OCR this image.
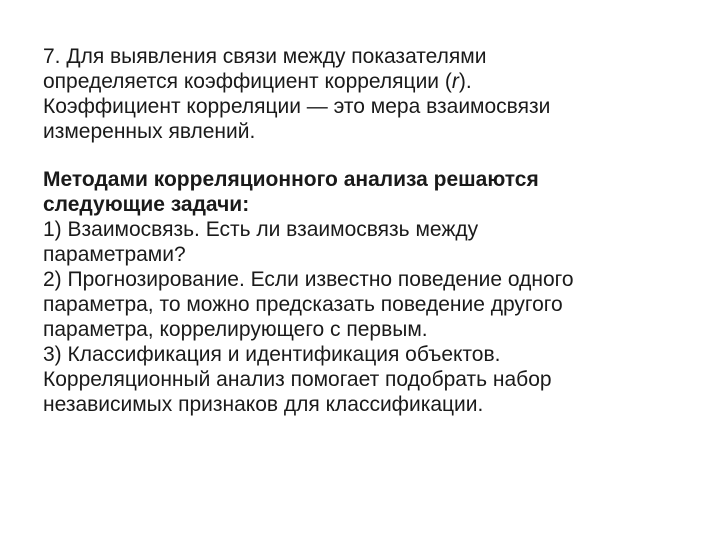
7. Для выявления связи между показателями
определяется коэффициент корреляции (r).
Коэффициент корреляции — это мера взаимосвязи
измеренных явлений.
Методами корреляционного анализа решаются
следующие задачи:
1) Взаимосвязь. Есть ли взаимосвязь между
параметрами?
2) Прогнозирование. Если известно поведение одного
параметра, то можно предсказать поведение другого
параметра, коррелирующего с первым.
3) Классификация и идентификация объектов.
Корреляционный анализ помогает подобрать набор
независимых признаков для классификации.
